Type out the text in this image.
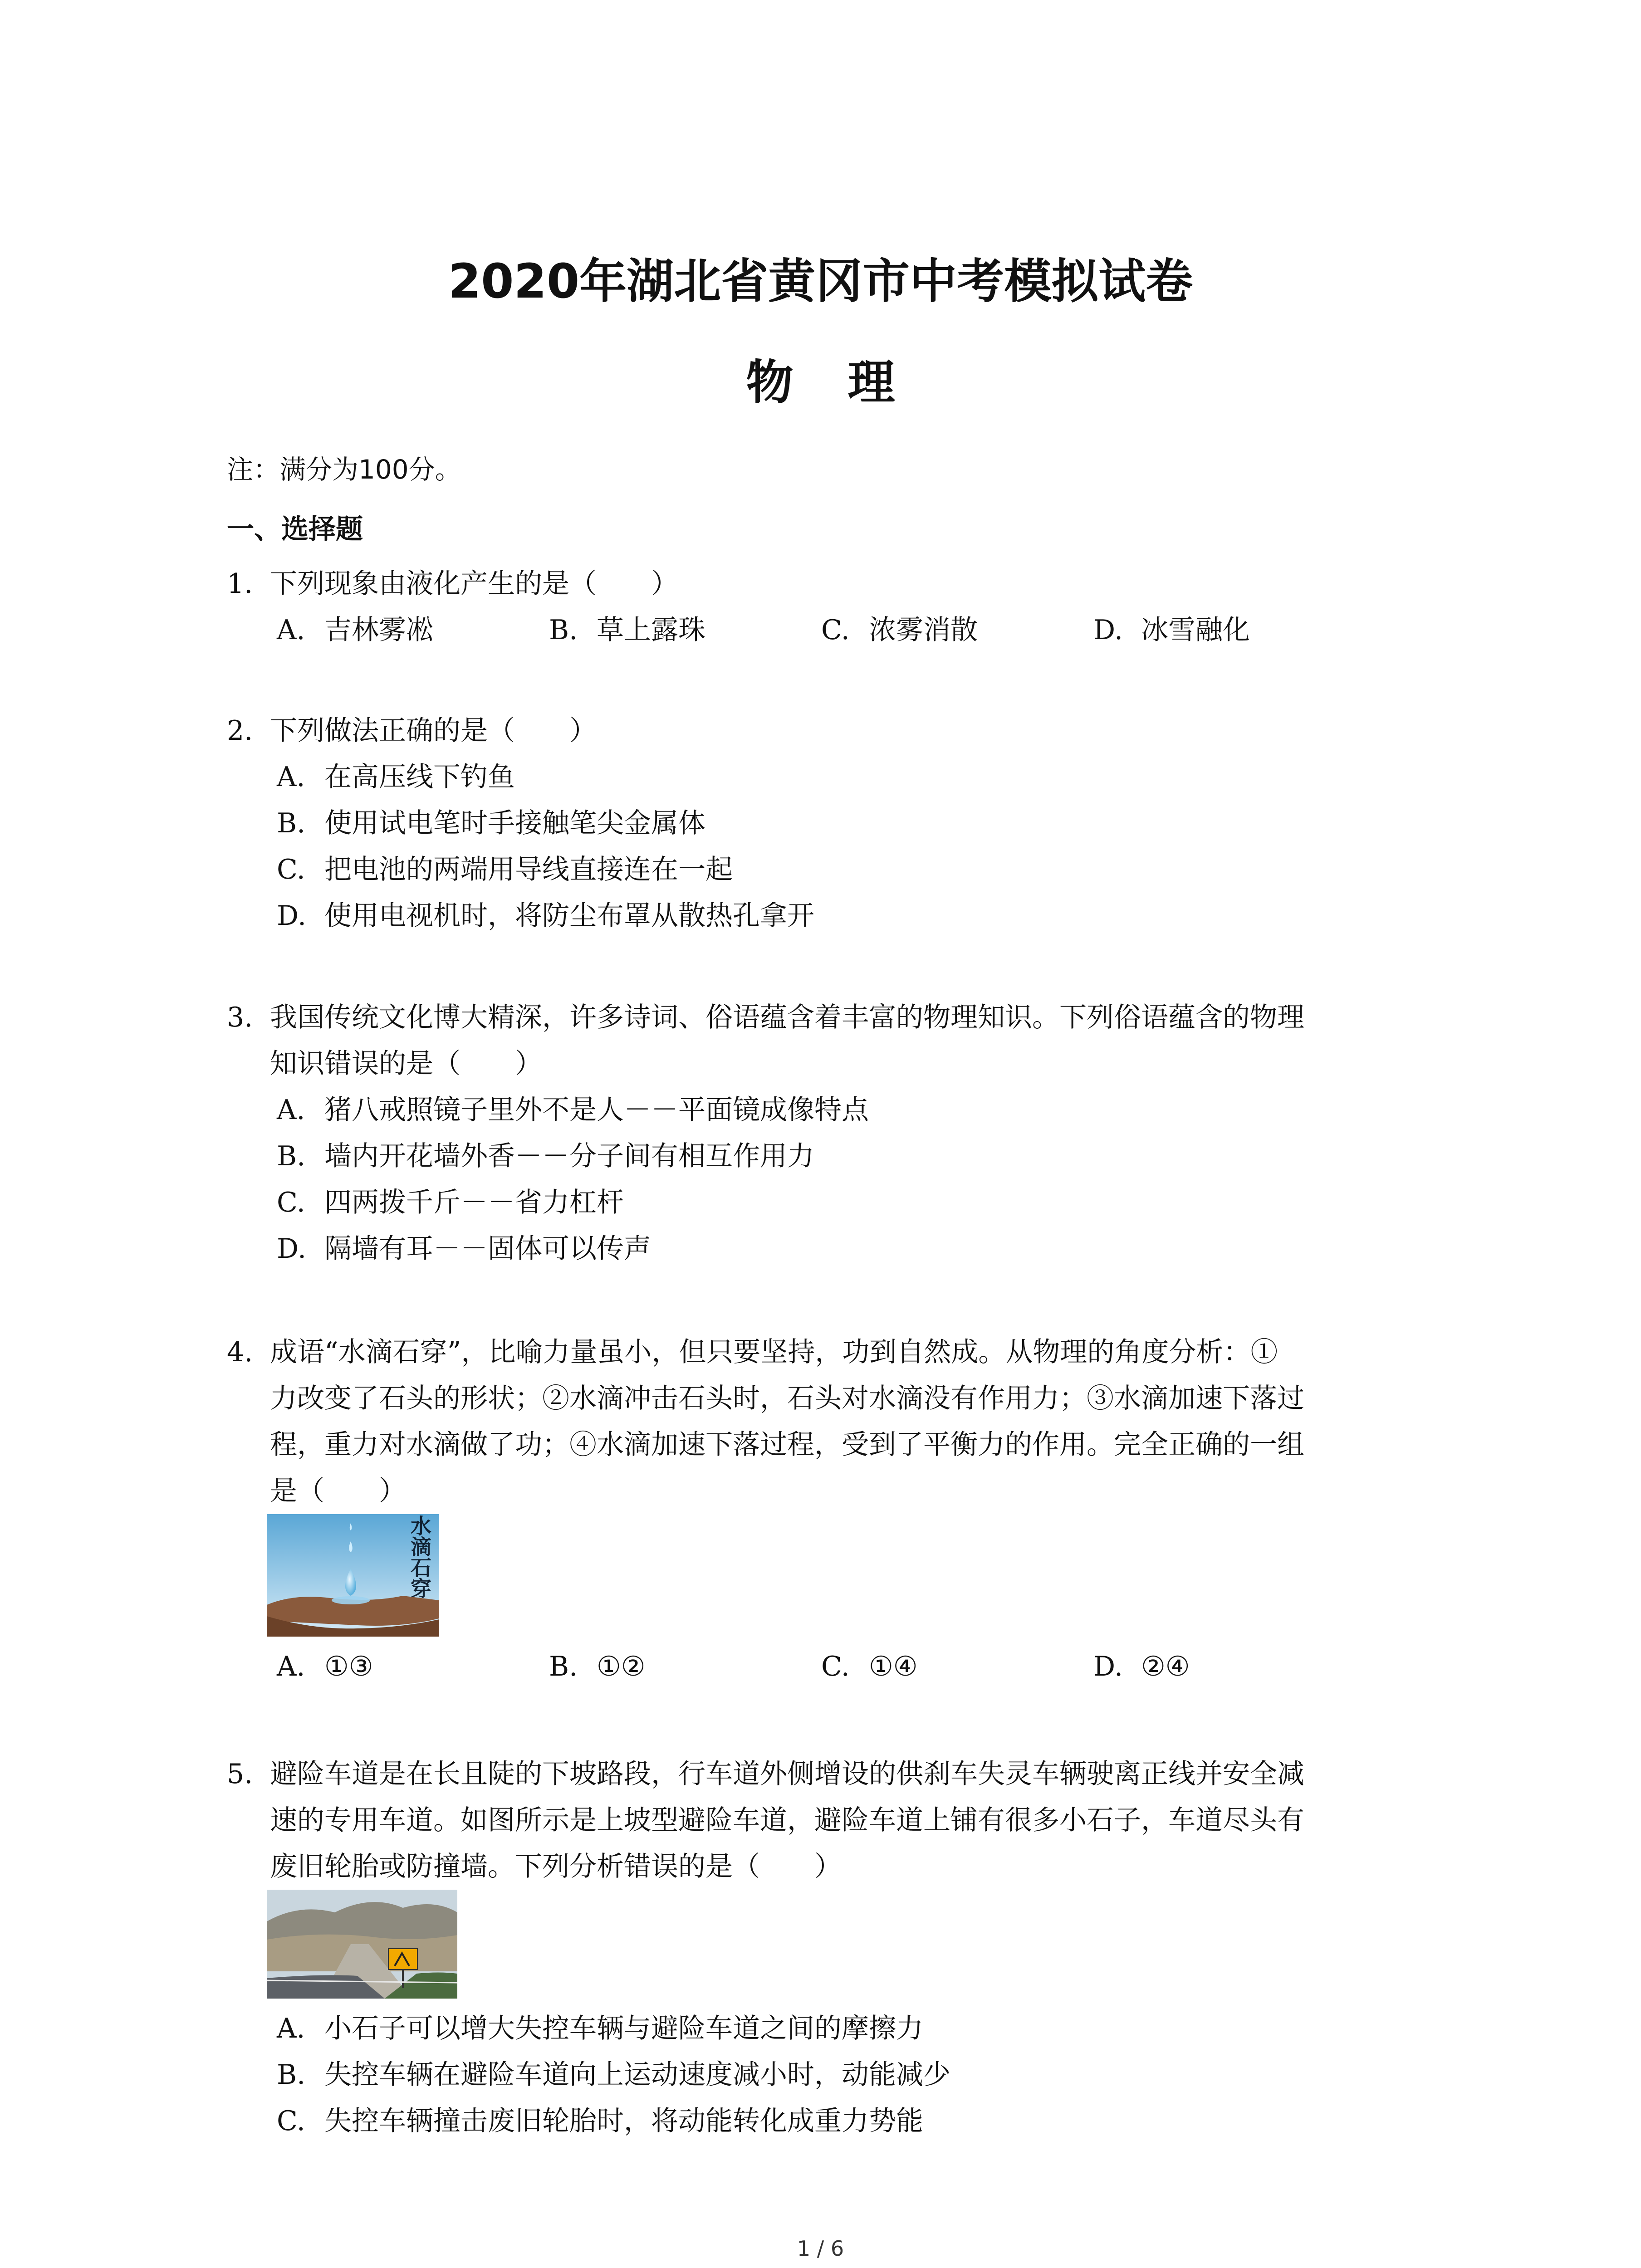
2020年湖北省黄冈市中考模拟试卷
物 理
注：满分为100分。
一、选择题
1. 下列现象由液化产生的是（　　）
A. 吉林雾凇	B. 草上露珠	C. 浓雾消散	D. 冰雪融化
2. 下列做法正确的是（　　）
A. 在高压线下钓鱼
B. 使用试电笔时手接触笔尖金属体
C. 把电池的两端用导线直接连在一起
D. 使用电视机时，将防尘布罩从散热孔拿开
3. 我国传统文化博大精深，许多诗词、俗语蕴含着丰富的物理知识。下列俗语蕴含的物理
知识错误的是（　　）
A. 猪八戒照镜子里外不是人－－平面镜成像特点
B. 墙内开花墙外香－－分子间有相互作用力
C. 四两拨千斤－－省力杠杆
D. 隔墙有耳－－固体可以传声
4. 成语“水滴石穿”，比喻力量虽小，但只要坚持，功到自然成。从物理的角度分析：①
力改变了石头的形状；②水滴冲击石头时，石头对水滴没有作用力；③水滴加速下落过
程，重力对水滴做了功；④水滴加速下落过程，受到了平衡力的作用。完全正确的一组
是（　　）
A. ①③	B. ①②	C. ①④	D. ②④
水滴石穿
5. 避险车道是在长且陡的下坡路段，行车道外侧增设的供刹车失灵车辆驶离正线并安全减
速的专用车道。如图所示是上坡型避险车道，避险车道上铺有很多小石子，车道尽头有
废旧轮胎或防撞墙。下列分析错误的是（　　）
A. 小石子可以增大失控车辆与避险车道之间的摩擦力
B. 失控车辆在避险车道向上运动速度减小时，动能减少
C. 失控车辆撞击废旧轮胎时，将动能转化成重力势能
1 / 6
